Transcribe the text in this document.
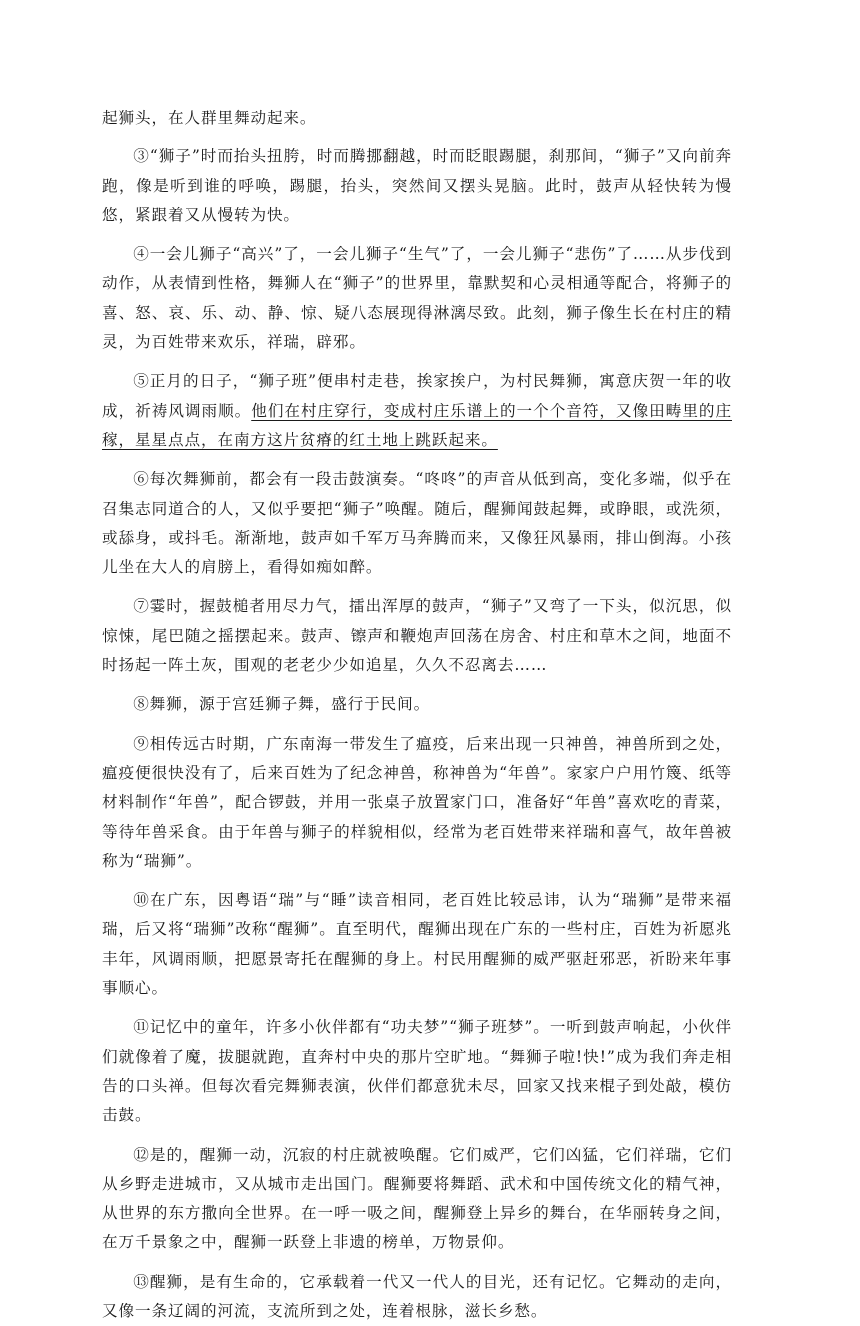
起狮头，在人群里舞动起来。

③“狮子”时而抬头扭胯，时而腾挪翻越，时而眨眼踢腿，刹那间，“狮子”又向前奔跑，像是听到谁的呼唤，踢腿，抬头，突然间又摆头晃脑。此时，鼓声从轻快转为慢悠，紧跟着又从慢转为快。

④一会儿狮子“高兴”了，一会儿狮子“生气”了，一会儿狮子“悲伤”了……从步伐到动作，从表情到性格，舞狮人在“狮子”的世界里，靠默契和心灵相通等配合，将狮子的喜、怒、哀、乐、动、静、惊、疑八态展现得淋漓尽致。此刻，狮子像生长在村庄的精灵，为百姓带来欢乐，祥瑞，辟邪。

⑤正月的日子，“狮子班”便串村走巷，挨家挨户，为村民舞狮，寓意庆贺一年的收成，祈祷风调雨顺。他们在村庄穿行，变成村庄乐谱上的一个个音符，又像田畴里的庄稼，星星点点，在南方这片贫瘠的红土地上跳跃起来。

⑥每次舞狮前，都会有一段击鼓演奏。“咚咚”的声音从低到高，变化多端，似乎在召集志同道合的人，又似乎要把“狮子”唤醒。随后，醒狮闻鼓起舞，或睁眼，或洗须，或舔身，或抖毛。渐渐地，鼓声如千军万马奔腾而来，又像狂风暴雨，排山倒海。小孩儿坐在大人的肩膀上，看得如痴如醉。

⑦霎时，握鼓槌者用尽力气，擂出浑厚的鼓声，“狮子”又弯了一下头，似沉思，似惊悚，尾巴随之摇摆起来。鼓声、镲声和鞭炮声回荡在房舍、村庄和草木之间，地面不时扬起一阵土灰，围观的老老少少如追星，久久不忍离去……

⑧舞狮，源于宫廷狮子舞，盛行于民间。

⑨相传远古时期，广东南海一带发生了瘟疫，后来出现一只神兽，神兽所到之处，瘟疫便很快没有了，后来百姓为了纪念神兽，称神兽为“年兽”。家家户户用竹篾、纸等材料制作“年兽”，配合锣鼓，并用一张桌子放置家门口，准备好“年兽”喜欢吃的青菜，等待年兽采食。由于年兽与狮子的样貌相似，经常为老百姓带来祥瑞和喜气，故年兽被称为“瑞狮”。

⑩在广东，因粤语“瑞”与“睡”读音相同，老百姓比较忌讳，认为“瑞狮”是带来福瑞，后又将“瑞狮”改称“醒狮”。直至明代，醒狮出现在广东的一些村庄，百姓为祈愿兆丰年，风调雨顺，把愿景寄托在醒狮的身上。村民用醒狮的威严驱赶邪恶，祈盼来年事事顺心。

⑪记忆中的童年，许多小伙伴都有“功夫梦”“狮子班梦”。一听到鼓声响起，小伙伴们就像着了魔，拔腿就跑，直奔村中央的那片空旷地。“舞狮子啦!快!”成为我们奔走相告的口头禅。但每次看完舞狮表演，伙伴们都意犹未尽，回家又找来棍子到处敲，模仿击鼓。

⑫是的，醒狮一动，沉寂的村庄就被唤醒。它们威严，它们凶猛，它们祥瑞，它们从乡野走进城市，又从城市走出国门。醒狮要将舞蹈、武术和中国传统文化的精气神，从世界的东方撒向全世界。在一呼一吸之间，醒狮登上异乡的舞台，在华丽转身之间，在万千景象之中，醒狮一跃登上非遗的榜单，万物景仰。

⑬醒狮，是有生命的，它承载着一代又一代人的目光，还有记忆。它舞动的走向，又像一条辽阔的河流，支流所到之处，连着根脉，滋长乡愁。
